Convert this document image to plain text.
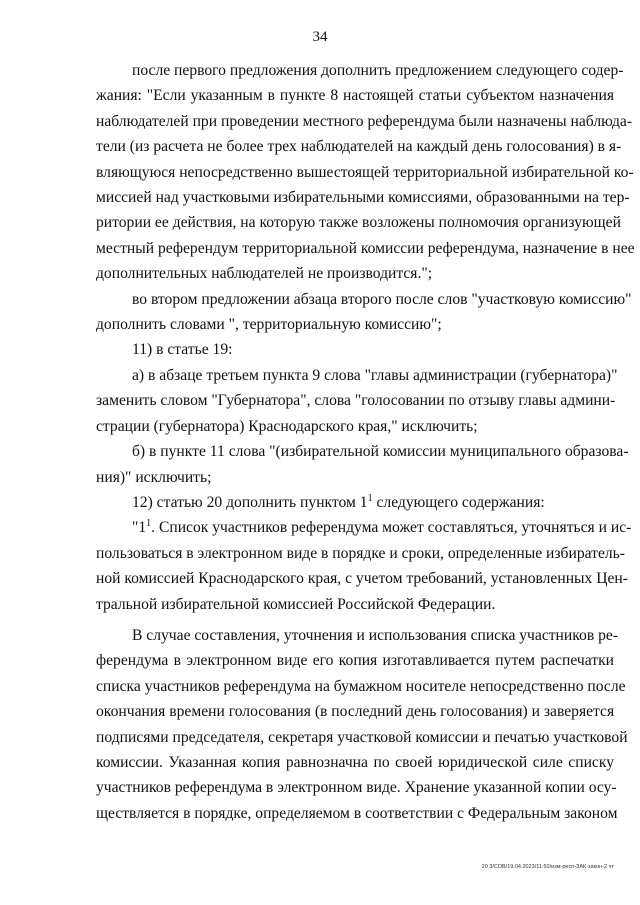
34
после первого предложения дополнить предложением следующего содер-
жания: "Если указанным в пункте 8 настоящей статьи субъектом назначения
наблюдателей при проведении местного референдума были назначены наблюда-
тели (из расчета не более трех наблюдателей на каждый день голосования) в я-
вляющуюся непосредственно вышестоящей территориальной избирательной ко-
миссией над участковыми избирательными комиссиями, образованными на тер-
ритории ее действия, на которую также возложены полномочия организующей
местный референдум территориальной комиссии референдума, назначение в нее
дополнительных наблюдателей не производится.";
во втором предложении абзаца второго после слов "участковую комиссию"
дополнить словами ", территориальную комиссию";
11) в статье 19:
а) в абзаце третьем пункта 9 слова "главы администрации (губернатора)"
заменить словом "Губернатора", слова "голосовании по отзыву главы админи-
страции (губернатора) Краснодарского края," исключить;
б) в пункте 11 слова "(избирательной комиссии муниципального образова-
ния)" исключить;
12) статью 20 дополнить пунктом $1^1$ следующего содержания:
"$1^1$. Список участников референдума может составляться, уточняться и ис-
пользоваться в электронном виде в порядке и сроки, определенные избиратель-
ной комиссией Краснодарского края, с учетом требований, установленных Цен-
тральной избирательной комиссией Российской Федерации.
В случае составления, уточнения и использования списка участников ре-
ферендума в электронном виде его копия изготавливается путем распечатки
списка участников референдума на бумажном носителе непосредственно после
окончания времени голосования (в последний день голосования) и заверяется
подписями председателя, секретаря участковой комиссии и печатью участковой
комиссии. Указанная копия равнозначна по своей юридической силе списку
участников референдума в электронном виде. Хранение указанной копии осу-
ществляется в порядке, определяемом в соответствии с Федеральным законом
20 3/СОВ/19.04.2023/11:50/изм-респ-ЗАК-закон-2 чт
